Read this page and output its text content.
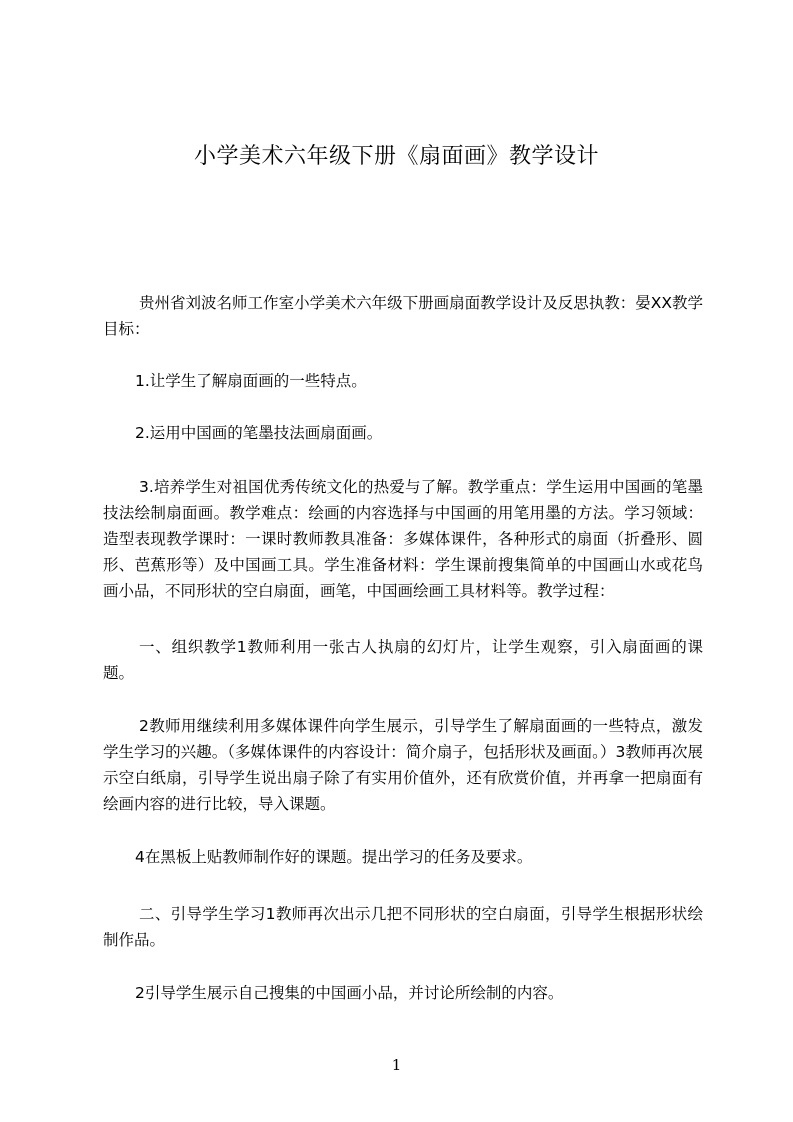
小学美术六年级下册《扇面画》教学设计

贵州省刘波名师工作室小学美术六年级下册画扇面教学设计及反思执教：晏XX教学目标：

1.让学生了解扇面画的一些特点。

2.运用中国画的笔墨技法画扇面画。

3.培养学生对祖国优秀传统文化的热爱与了解。教学重点：学生运用中国画的笔墨技法绘制扇面画。教学难点：绘画的内容选择与中国画的用笔用墨的方法。学习领域：造型表现教学课时：一课时教师教具准备：多媒体课件，各种形式的扇面（折叠形、圆形、芭蕉形等）及中国画工具。学生准备材料：学生课前搜集简单的中国画山水或花鸟画小品，不同形状的空白扇面，画笔，中国画绘画工具材料等。教学过程：

一、组织教学1教师利用一张古人执扇的幻灯片，让学生观察，引入扇面画的课题。

2教师用继续利用多媒体课件向学生展示，引导学生了解扇面画的一些特点，激发学生学习的兴趣。（多媒体课件的内容设计：简介扇子，包括形状及画面。）3教师再次展示空白纸扇，引导学生说出扇子除了有实用价值外，还有欣赏价值，并再拿一把扇面有绘画内容的进行比较，导入课题。

4在黑板上贴教师制作好的课题。提出学习的任务及要求。

二、引导学生学习1教师再次出示几把不同形状的空白扇面，引导学生根据形状绘制作品。

2引导学生展示自己搜集的中国画小品，并讨论所绘制的内容。

1
